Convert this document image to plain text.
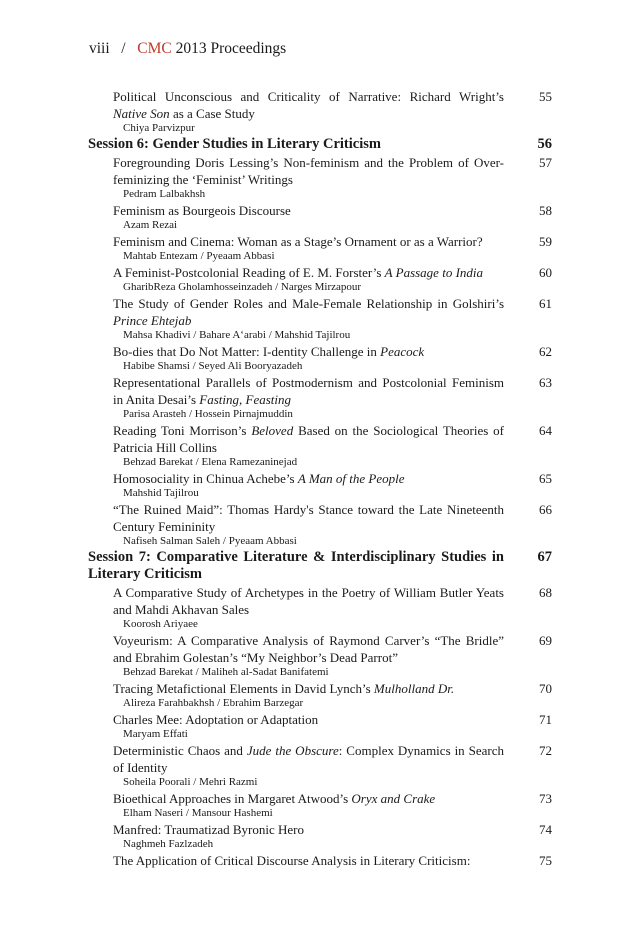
viii / CMC 2013 Proceedings
Political Unconscious and Criticality of Narrative: Richard Wright’s Native Son as a Case Study
Chiya Parvizpur
55
Session 6: Gender Studies in Literary Criticism	56
Foregrounding Doris Lessing’s Non-feminism and the Problem of Over-feminizing the ‘Feminist’ Writings
Pedram Lalbakhsh
57
Feminism as Bourgeois Discourse
Azam Rezai
58
Feminism and Cinema: Woman as a Stage’s Ornament or as a Warrior?
Mahtab Entezam / Pyeaam Abbasi
59
A Feminist-Postcolonial Reading of E. M. Forster’s A Passage to India
GharibReza Gholamhosseinzadeh / Narges Mirzapour
60
The Study of Gender Roles and Male-Female Relationship in Golshiri’s Prince Ehtejab
Mahsa Khadivi / Bahare A‘arabi / Mahshid Tajilrou
61
Bo-dies that Do Not Matter: I-dentity Challenge in Peacock
Habibe Shamsi / Seyed Ali Booryazadeh
62
Representational Parallels of Postmodernism and Postcolonial Feminism in Anita Desai’s Fasting, Feasting
Parisa Arasteh / Hossein Pirnajmuddin
63
Reading Toni Morrison’s Beloved Based on the Sociological Theories of Patricia Hill Collins
Behzad Barekat / Elena Ramezaninejad
64
Homosociality in Chinua Achebe’s A Man of the People
Mahshid Tajilrou
65
“The Ruined Maid”: Thomas Hardy's Stance toward the Late Nineteenth Century Femininity
Nafiseh Salman Saleh / Pyeaam Abbasi
66
Session 7: Comparative Literature & Interdisciplinary Studies in Literary Criticism
67
A Comparative Study of Archetypes in the Poetry of William Butler Yeats and Mahdi Akhavan Sales
Koorosh Ariyaee
68
Voyeurism: A Comparative Analysis of Raymond Carver’s “The Bridle” and Ebrahim Golestan’s “My Neighbor’s Dead Parrot”
Behzad Barekat / Maliheh al-Sadat Banifatemi
69
Tracing Metafictional Elements in David Lynch’s Mulholland Dr.
Alireza Farahbakhsh / Ebrahim Barzegar
70
Charles Mee: Adoptation or Adaptation
Maryam Effati
71
Deterministic Chaos and Jude the Obscure: Complex Dynamics in Search of Identity
Soheila Poorali / Mehri Razmi
72
Bioethical Approaches in Margaret Atwood’s Oryx and Crake
Elham Naseri / Mansour Hashemi
73
Manfred: Traumatizad Byronic Hero
Naghmeh Fazlzadeh
74
The Application of Critical Discourse Analysis in Literary Criticism:	75
